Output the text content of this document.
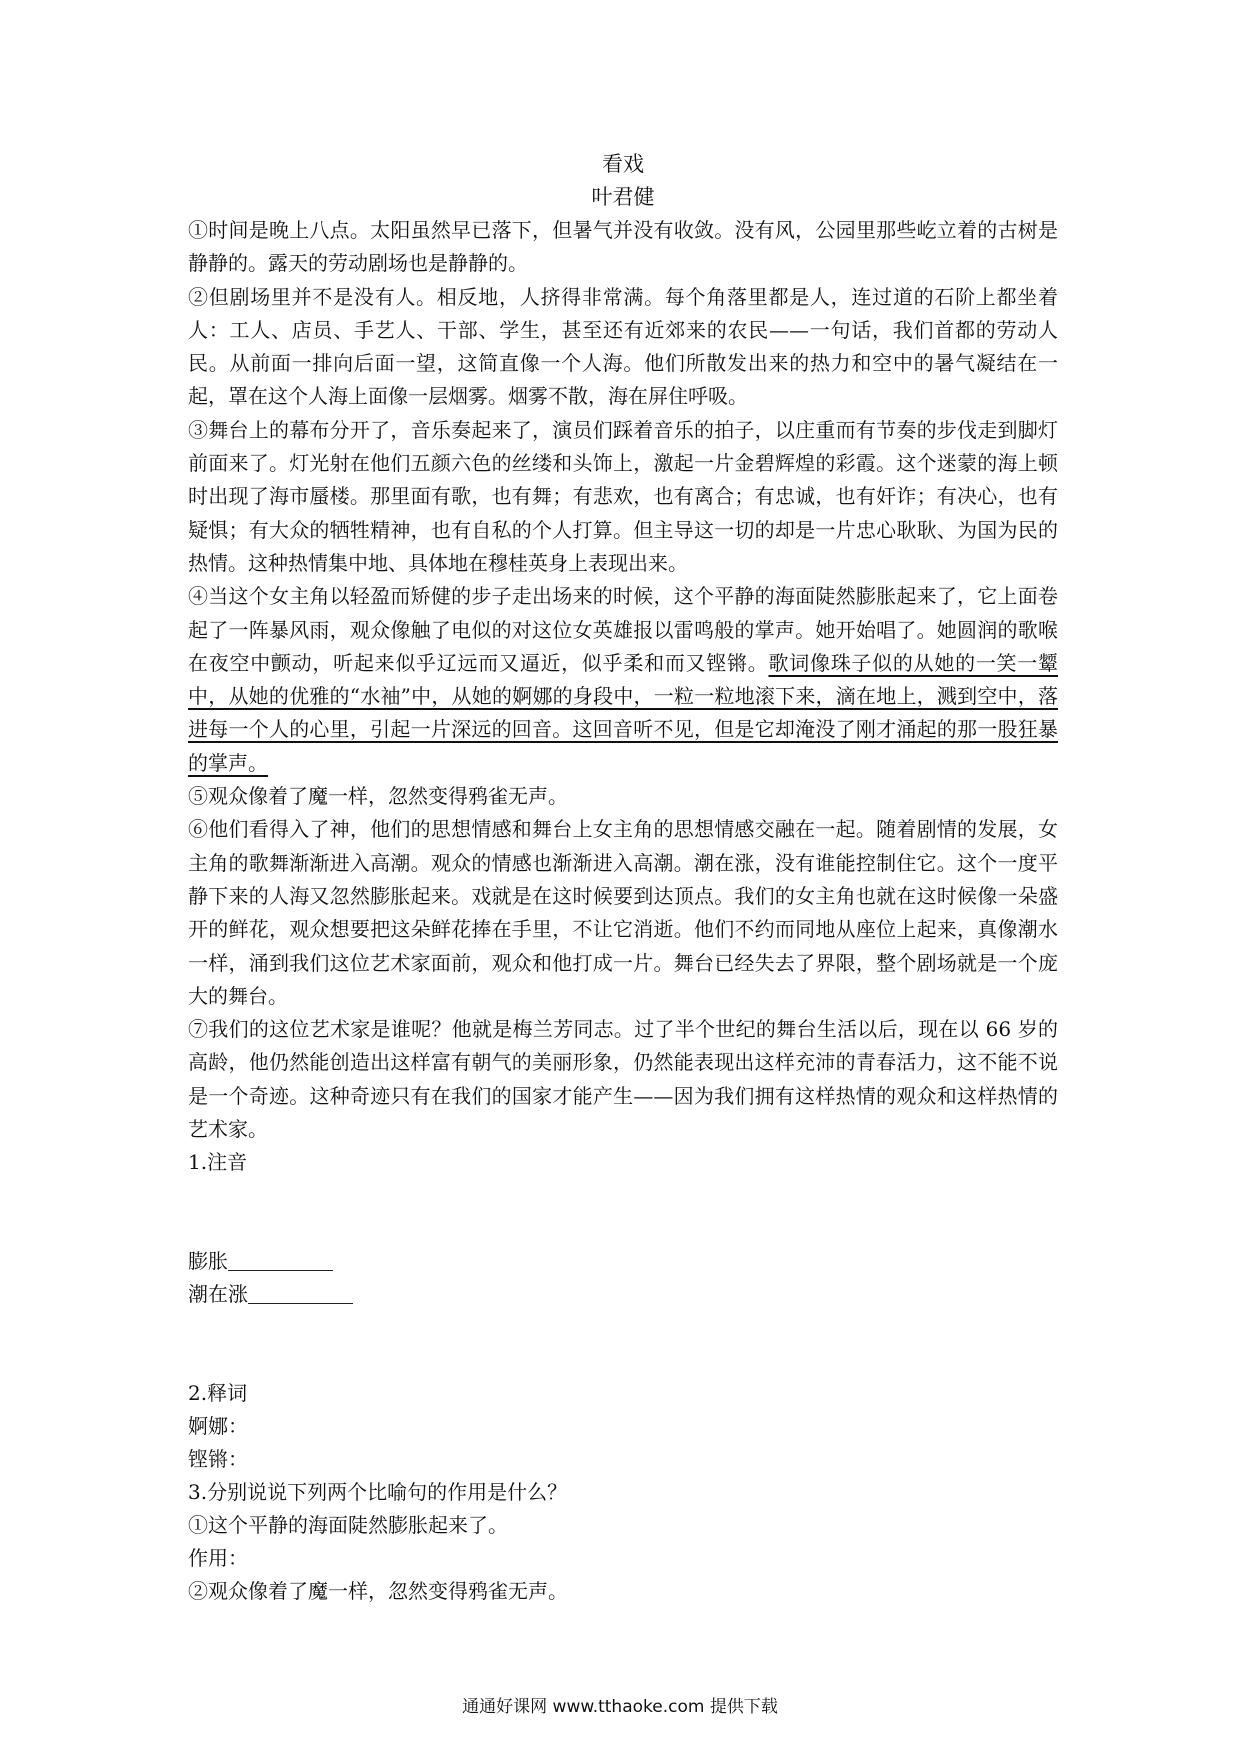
看戏

叶君健

①时间是晚上八点。太阳虽然早已落下，但暑气并没有收敛。没有风，公园里那些屹立着的古树是静静的。露天的劳动剧场也是静静的。

②但剧场里并不是没有人。相反地，人挤得非常满。每个角落里都是人，连过道的石阶上都坐着人：工人、店员、手艺人、干部、学生，甚至还有近郊来的农民——一句话，我们首都的劳动人民。从前面一排向后面一望，这简直像一个人海。他们所散发出来的热力和空中的暑气凝结在一起，罩在这个人海上面像一层烟雾。烟雾不散，海在屏住呼吸。

③舞台上的幕布分开了，音乐奏起来了，演员们踩着音乐的拍子，以庄重而有节奏的步伐走到脚灯前面来了。灯光射在他们五颜六色的丝缕和头饰上，激起一片金碧辉煌的彩霞。这个迷蒙的海上顿时出现了海市蜃楼。那里面有歌，也有舞；有悲欢，也有离合；有忠诚，也有奸诈；有决心，也有疑惧；有大众的牺牲精神，也有自私的个人打算。但主导这一切的却是一片忠心耿耿、为国为民的热情。这种热情集中地、具体地在穆桂英身上表现出来。

④当这个女主角以轻盈而矫健的步子走出场来的时候，这个平静的海面陡然膨胀起来了，它上面卷起了一阵暴风雨，观众像触了电似的对这位女英雄报以雷鸣般的掌声。她开始唱了。她圆润的歌喉在夜空中颤动，听起来似乎辽远而又逼近，似乎柔和而又铿锵。歌词像珠子似的从她的一笑一颦中，从她的优雅的“水袖”中，从她的婀娜的身段中，一粒一粒地滚下来，滴在地上，溅到空中，落进每一个人的心里，引起一片深远的回音。这回音听不见，但是它却淹没了刚才涌起的那一股狂暴的掌声。

⑤观众像着了魔一样，忽然变得鸦雀无声。

⑥他们看得入了神，他们的思想情感和舞台上女主角的思想情感交融在一起。随着剧情的发展，女主角的歌舞渐渐进入高潮。观众的情感也渐渐进入高潮。潮在涨，没有谁能控制住它。这个一度平静下来的人海又忽然膨胀起来。戏就是在这时候要到达顶点。我们的女主角也就在这时候像一朵盛开的鲜花，观众想要把这朵鲜花捧在手里，不让它消逝。他们不约而同地从座位上起来，真像潮水一样，涌到我们这位艺术家面前，观众和他打成一片。舞台已经失去了界限，整个剧场就是一个庞大的舞台。

⑦我们的这位艺术家是谁呢？他就是梅兰芳同志。过了半个世纪的舞台生活以后，现在以 66 岁的高龄，他仍然能创造出这样富有朝气的美丽形象，仍然能表现出这样充沛的青春活力，这不能不说是一个奇迹。这种奇迹只有在我们的国家才能产生——因为我们拥有这样热情的观众和这样热情的艺术家。

1.注音

膨胀

潮在涨

2.释词

婀娜：

铿锵：

3.分别说说下列两个比喻句的作用是什么？

①这个平静的海面陡然膨胀起来了。

作用：

②观众像着了魔一样，忽然变得鸦雀无声。

通通好课网 www.tthaoke.com 提供下载
